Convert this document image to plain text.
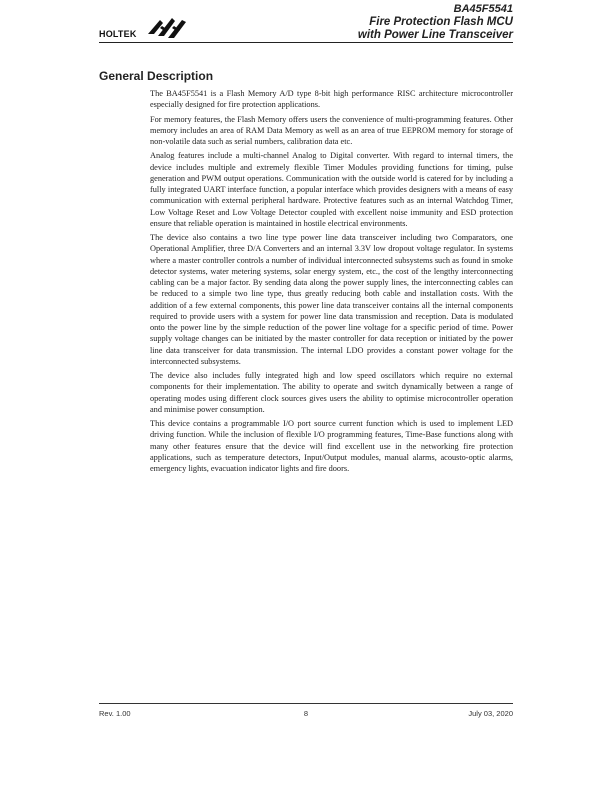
HOLTEK
BA45F5541
Fire Protection Flash MCU
with Power Line Transceiver
General Description

The BA45F5541 is a Flash Memory A/D type 8-bit high performance RISC architecture microcontroller especially designed for fire protection applications.

For memory features, the Flash Memory offers users the convenience of multi-programming features. Other memory includes an area of RAM Data Memory as well as an area of true EEPROM memory for storage of non-volatile data such as serial numbers, calibration data etc.

Analog features include a multi-channel Analog to Digital converter. With regard to internal timers, the device includes multiple and extremely flexible Timer Modules providing functions for timing, pulse generation and PWM output operations. Communication with the outside world is catered for by including a fully integrated UART interface function, a popular interface which provides designers with a means of easy communication with external peripheral hardware. Protective features such as an internal Watchdog Timer, Low Voltage Reset and Low Voltage Detector coupled with excellent noise immunity and ESD protection ensure that reliable operation is maintained in hostile electrical environments.

The device also contains a two line type power line data transceiver including two Comparators, one Operational Amplifier, three D/A Converters and an internal 3.3V low dropout voltage regulator. In systems where a master controller controls a number of individual interconnected subsystems such as found in smoke detector systems, water metering systems, solar energy system, etc., the cost of the lengthy interconnecting cabling can be a major factor. By sending data along the power supply lines, the interconnecting cables can be reduced to a simple two line type, thus greatly reducing both cable and installation costs. With the addition of a few external components, this power line data transceiver contains all the internal components required to provide users with a system for power line data transmission and reception. Data is modulated onto the power line by the simple reduction of the power line voltage for a specific period of time. Power supply voltage changes can be initiated by the master controller for data reception or initiated by the power line data transceiver for data transmission. The internal LDO provides a constant power voltage for the interconnected subsystems.

The device also includes fully integrated high and low speed oscillators which require no external components for their implementation. The ability to operate and switch dynamically between a range of operating modes using different clock sources gives users the ability to optimise microcontroller operation and minimise power consumption.

This device contains a programmable I/O port source current function which is used to implement LED driving function. While the inclusion of flexible I/O programming features, Time-Base functions along with many other features ensure that the device will find excellent use in the networking fire protection applications, such as temperature detectors, Input/Output modules, manual alarms, acousto-optic alarms, emergency lights, evacuation indicator lights and fire doors.

Rev. 1.00	8	July 03, 2020
